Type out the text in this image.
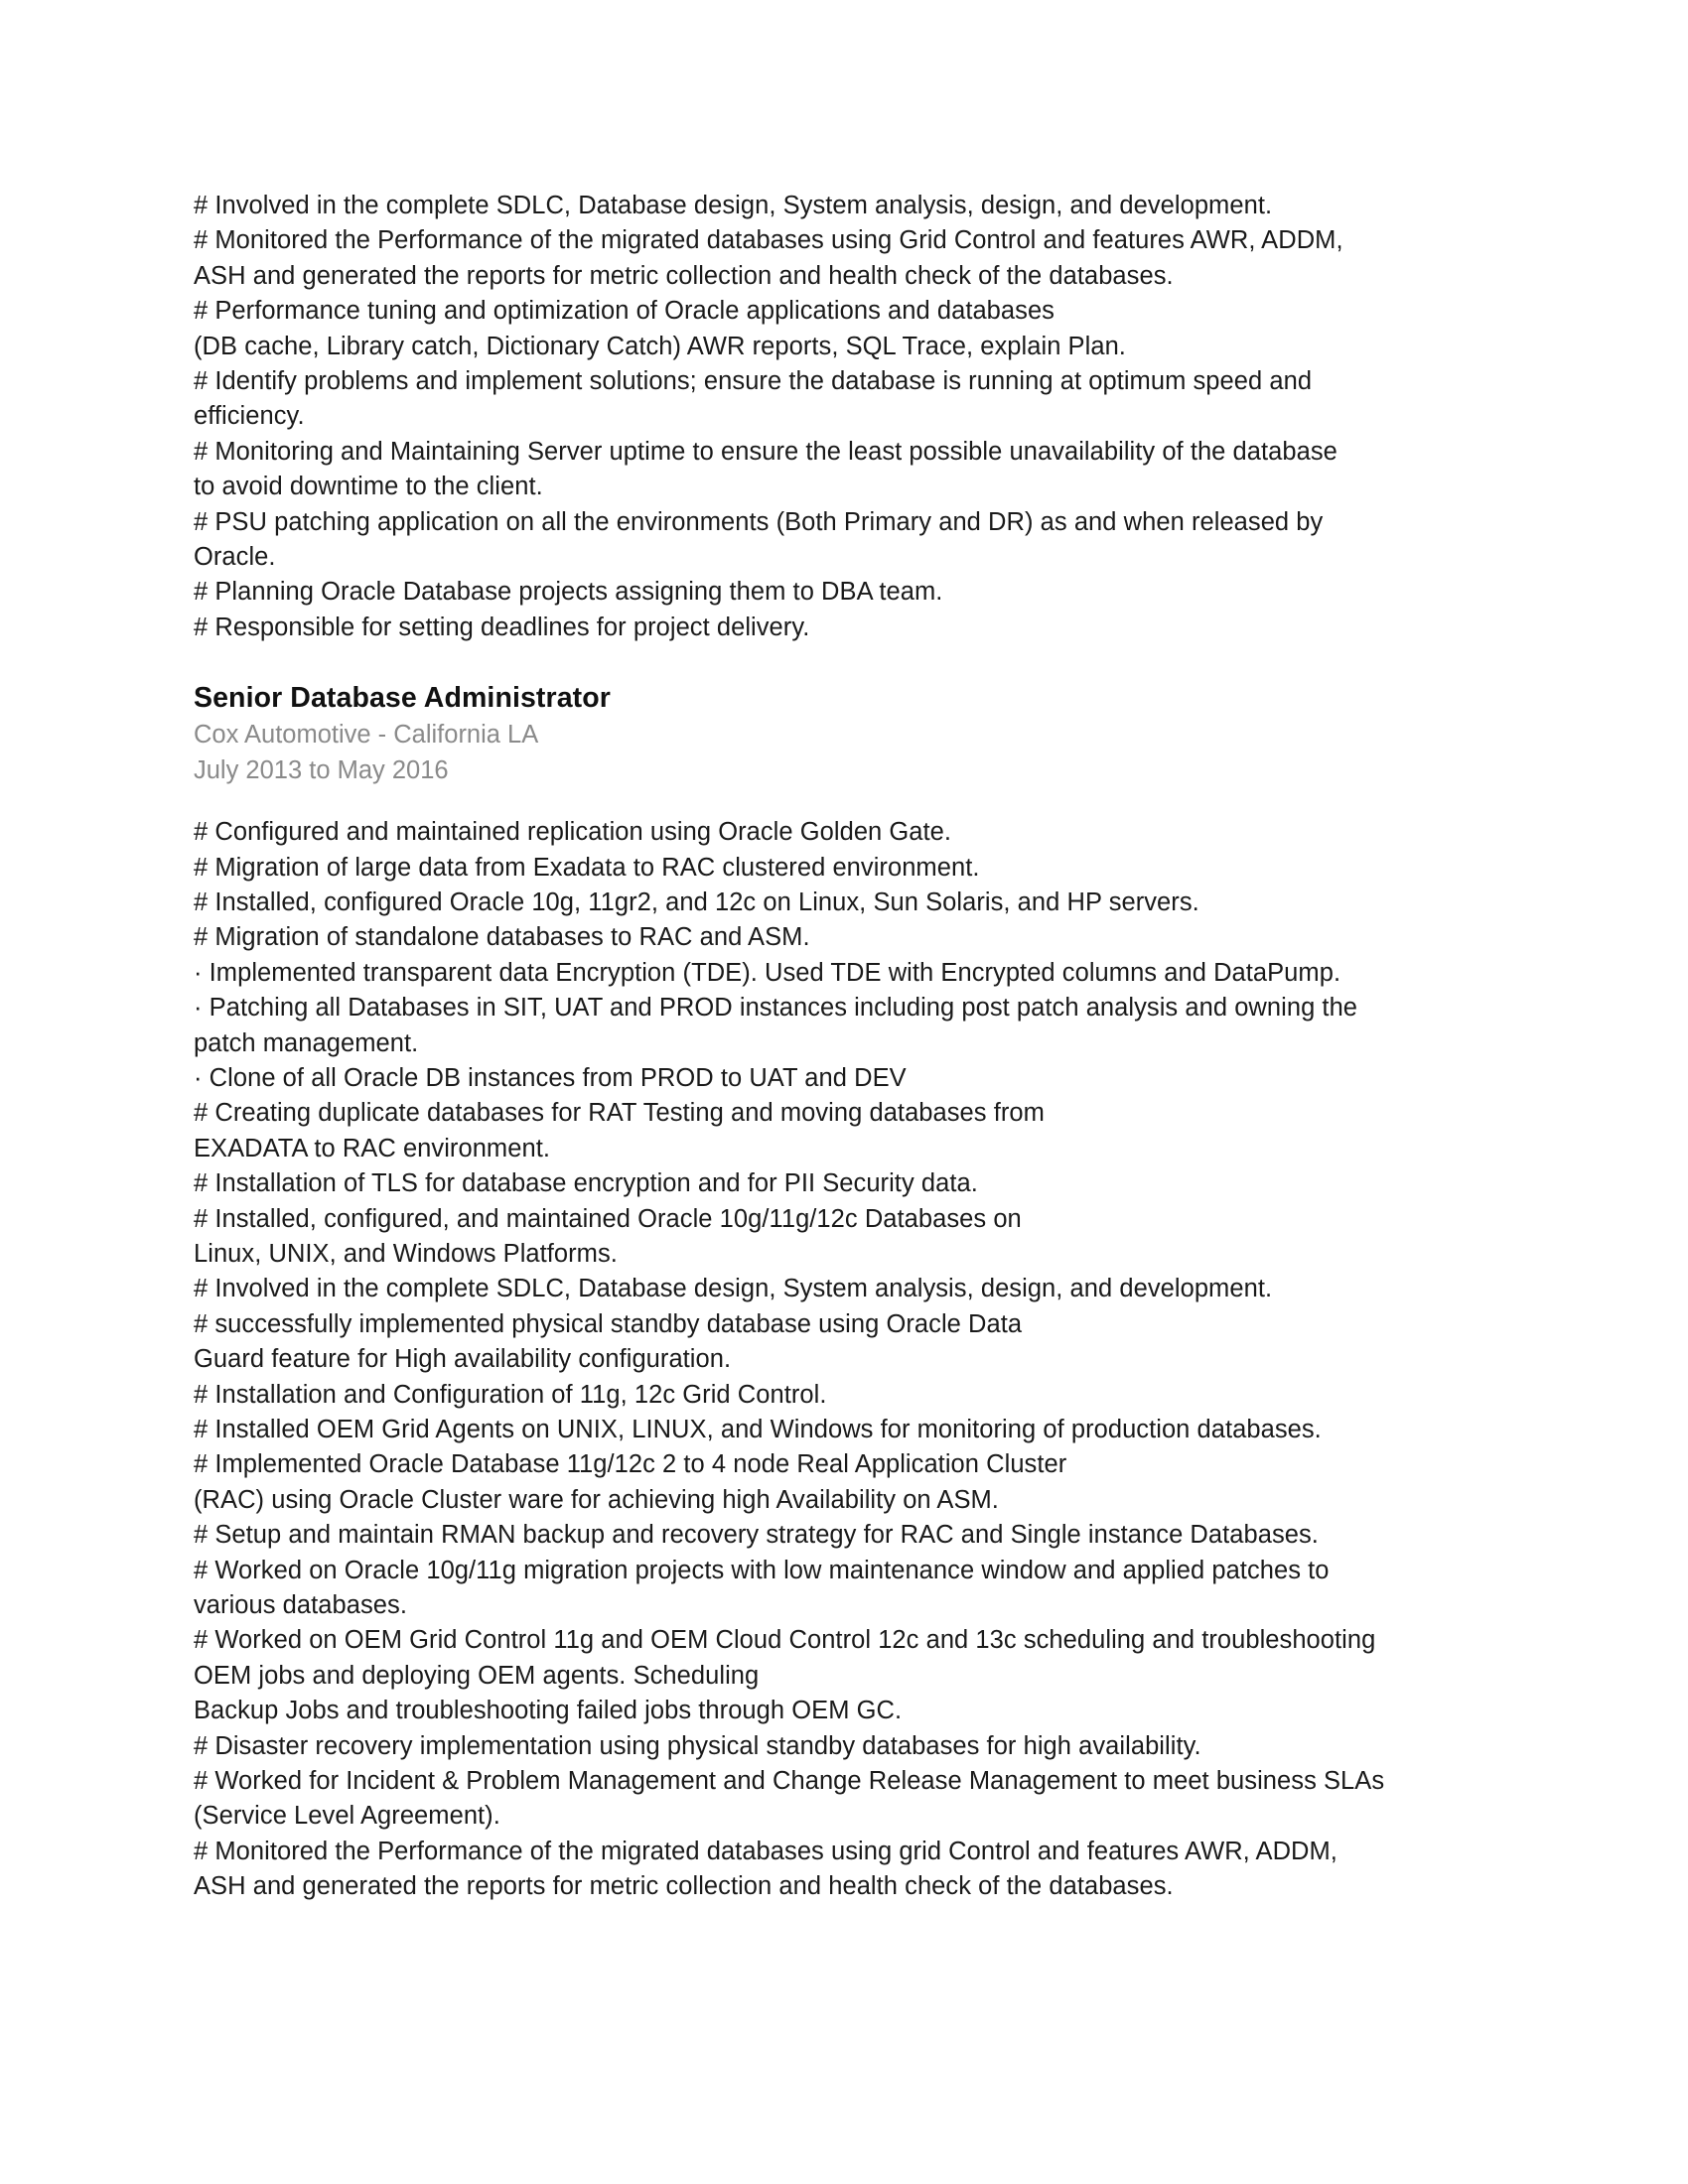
# Involved in the complete SDLC, Database design, System analysis, design, and development.

# Monitored the Performance of the migrated databases using Grid Control and features AWR, ADDM,

ASH and generated the reports for metric collection and health check of the databases.

# Performance tuning and optimization of Oracle applications and databases

(DB cache, Library catch, Dictionary Catch) AWR reports, SQL Trace, explain Plan.

# Identify problems and implement solutions; ensure the database is running at optimum speed and

efficiency.

# Monitoring and Maintaining Server uptime to ensure the least possible unavailability of the database

to avoid downtime to the client.

# PSU patching application on all the environments (Both Primary and DR) as and when released by

Oracle.

# Planning Oracle Database projects assigning them to DBA team.

# Responsible for setting deadlines for project delivery.

Senior Database Administrator

Cox Automotive - California LA

July 2013 to May 2016

# Configured and maintained replication using Oracle Golden Gate.

# Migration of large data from Exadata to RAC clustered environment.

# Installed, configured Oracle 10g, 11gr2, and 12c on Linux, Sun Solaris, and HP servers.

# Migration of standalone databases to RAC and ASM.

· Implemented transparent data Encryption (TDE). Used TDE with Encrypted columns and DataPump.

· Patching all Databases in SIT, UAT and PROD instances including post patch analysis and owning the

patch management.

· Clone of all Oracle DB instances from PROD to UAT and DEV

# Creating duplicate databases for RAT Testing and moving databases from

EXADATA to RAC environment.

# Installation of TLS for database encryption and for PII Security data.

# Installed, configured, and maintained Oracle 10g/11g/12c Databases on

Linux, UNIX, and Windows Platforms.

# Involved in the complete SDLC, Database design, System analysis, design, and development.

# successfully implemented physical standby database using Oracle Data

Guard feature for High availability configuration.

# Installation and Configuration of 11g, 12c Grid Control.

# Installed OEM Grid Agents on UNIX, LINUX, and Windows for monitoring of production databases.

# Implemented Oracle Database 11g/12c 2 to 4 node Real Application Cluster

(RAC) using Oracle Cluster ware for achieving high Availability on ASM.

# Setup and maintain RMAN backup and recovery strategy for RAC and Single instance Databases.

# Worked on Oracle 10g/11g migration projects with low maintenance window and applied patches to

various databases.

# Worked on OEM Grid Control 11g and OEM Cloud Control 12c and 13c scheduling and troubleshooting

OEM jobs and deploying OEM agents. Scheduling

Backup Jobs and troubleshooting failed jobs through OEM GC.

# Disaster recovery implementation using physical standby databases for high availability.

# Worked for Incident & Problem Management and Change Release Management to meet business SLAs

(Service Level Agreement).

# Monitored the Performance of the migrated databases using grid Control and features AWR, ADDM,

ASH and generated the reports for metric collection and health check of the databases.
